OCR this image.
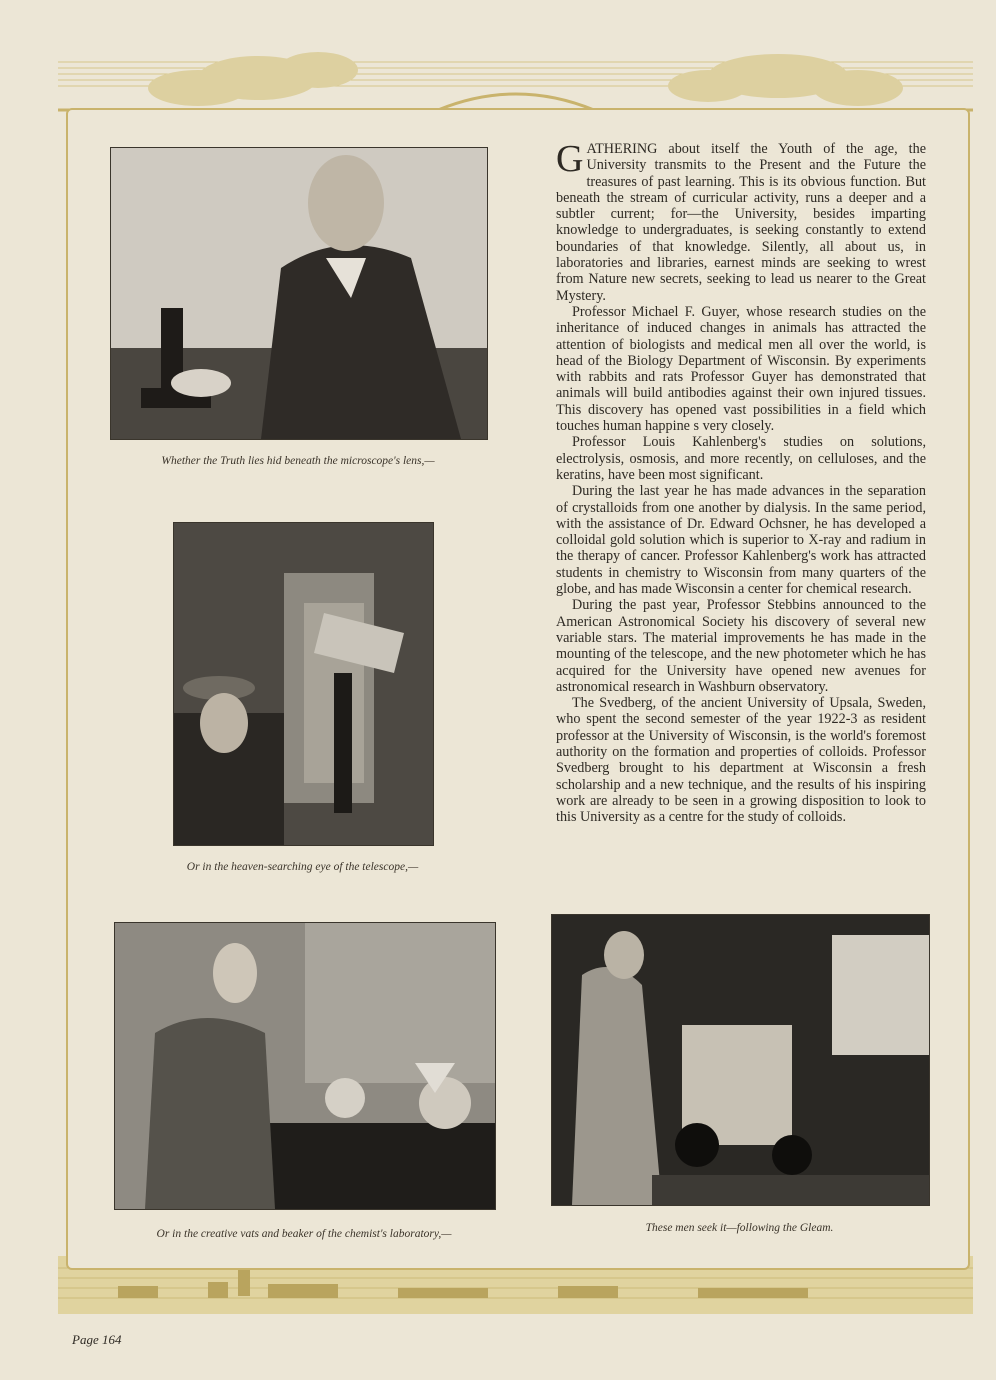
Whether the Truth lies hid beneath the microscope's lens,—
Or in the heaven-searching eye of the telescope,—

GATHERING about itself the Youth of the age, the University transmits to the Present and the Future the treasures of past learning. This is its obvious function. But beneath the stream of curricular activity, runs a deeper and a subtler current; for—the University, besides imparting knowledge to undergraduates, is seeking constantly to extend boundaries of that knowledge. Silently, all about us, in laboratories and libraries, earnest minds are seeking to wrest from Nature new secrets, seeking to lead us nearer to the Great Mystery.

Professor Michael F. Guyer, whose research studies on the inheritance of induced changes in animals has attracted the attention of biologists and medical men all over the world, is head of the Biology Department of Wisconsin. By experiments with rabbits and rats Professor Guyer has demonstrated that animals will build antibodies against their own injured tissues. This discovery has opened vast possibilities in a field which touches human happine s very closely.

Professor Louis Kahlenberg's studies on solutions, electrolysis, osmosis, and more recently, on celluloses, and the keratins, have been most significant.

During the last year he has made advances in the separation of crystalloids from one another by dialysis. In the same period, with the assistance of Dr. Edward Ochsner, he has developed a colloidal gold solution which is superior to X-ray and radium in the therapy of cancer. Professor Kahlenberg's work has attracted students in chemistry to Wisconsin from many quarters of the globe, and has made Wisconsin a center for chemical research.

During the past year, Professor Stebbins announced to the American Astronomical Society his discovery of several new variable stars. The material improvements he has made in the mounting of the telescope, and the new photometer which he has acquired for the University have opened new avenues for astronomical research in Washburn observatory.

The Svedberg, of the ancient University of Upsala, Sweden, who spent the second semester of the year 1922-3 as resident professor at the University of Wisconsin, is the world's foremost authority on the formation and properties of colloids. Professor Svedberg brought to his department at Wisconsin a fresh scholarship and a new technique, and the results of his inspiring work are already to be seen in a growing disposition to look to this University as a centre for the study of colloids.

Or in the creative vats and beaker of the chemist's laboratory,—	These men seek it—following the Gleam.
Page 164
